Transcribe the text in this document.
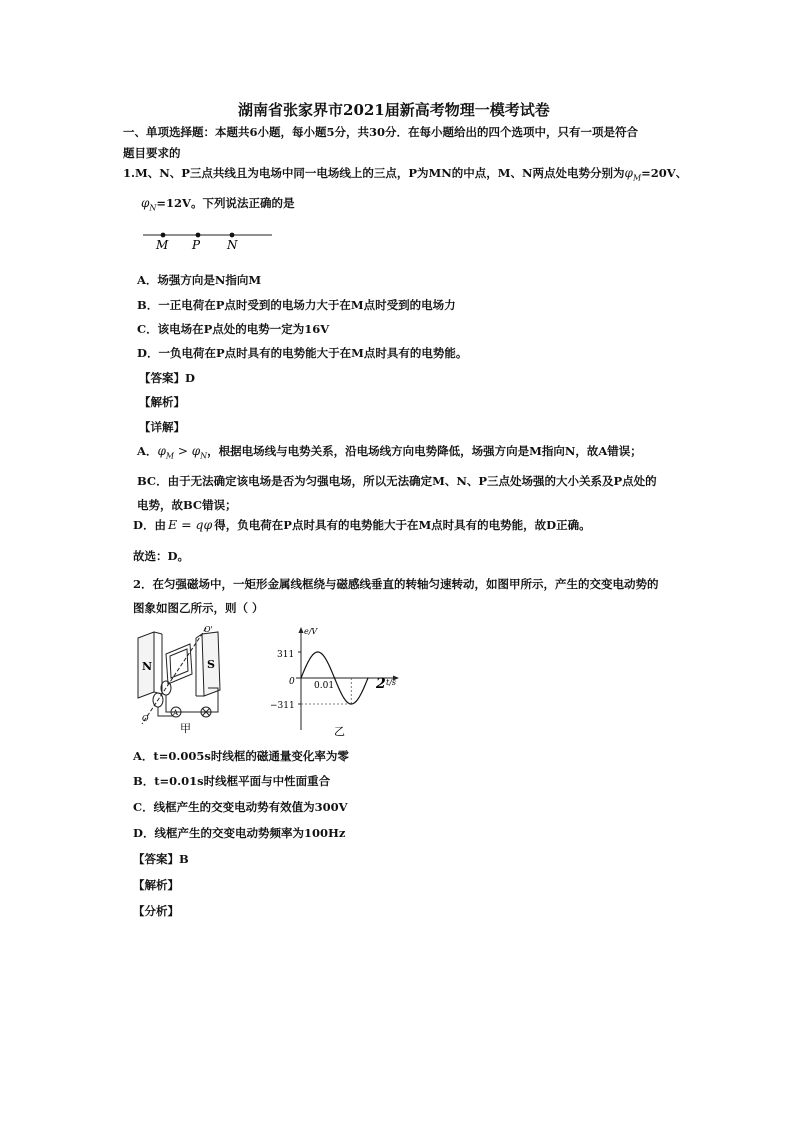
湖南省张家界市2021届新高考物理一模考试卷
一、单项选择题：本题共6小题，每小题5分，共30分．在每小题给出的四个选项中，只有一项是符合
题目要求的
1.M、N、P三点共线且为电场中同一电场线上的三点，P为MN的中点，M、N两点处电势分别为$\varphi_M=20V$、
$\varphi_N=12V$。下列说法正确的是
M P N
A．场强方向是N指向M
B．一正电荷在P点时受到的电场力大于在M点时受到的电场力
C．该电场在P点处的电势一定为16V
D．一负电荷在P点时具有的电势能大于在M点时具有的电势能。
【答案】D
【解析】
【详解】
A．$\varphi_M > \varphi_N$，根据电场线与电势关系，沿电场线方向电势降低，场强方向是M指向N，故A错误；
BC．由于无法确定该电场是否为匀强电场，所以无法确定M、N、P三点处场强的大小关系及P点处的
电势，故BC错误；
D．由 E = qφ 得，负电荷在P点时具有的电势能大于在M点时具有的电势能，故D正确。
故选：D。
2．在匀强磁场中，一矩形金属线框绕与磁感线垂直的转轴匀速转动，如图甲所示，产生的交变电动势的
图象如图乙所示，则（ ）
N	S
O
O'
A
甲
e/V
311
0
−311
0.01	2 t/s
乙
A．t=0.005s时线框的磁通量变化率为零
B．t=0.01s时线框平面与中性面重合
C．线框产生的交变电动势有效值为300V
D．线框产生的交变电动势频率为100Hz
【答案】B
【解析】
【分析】
